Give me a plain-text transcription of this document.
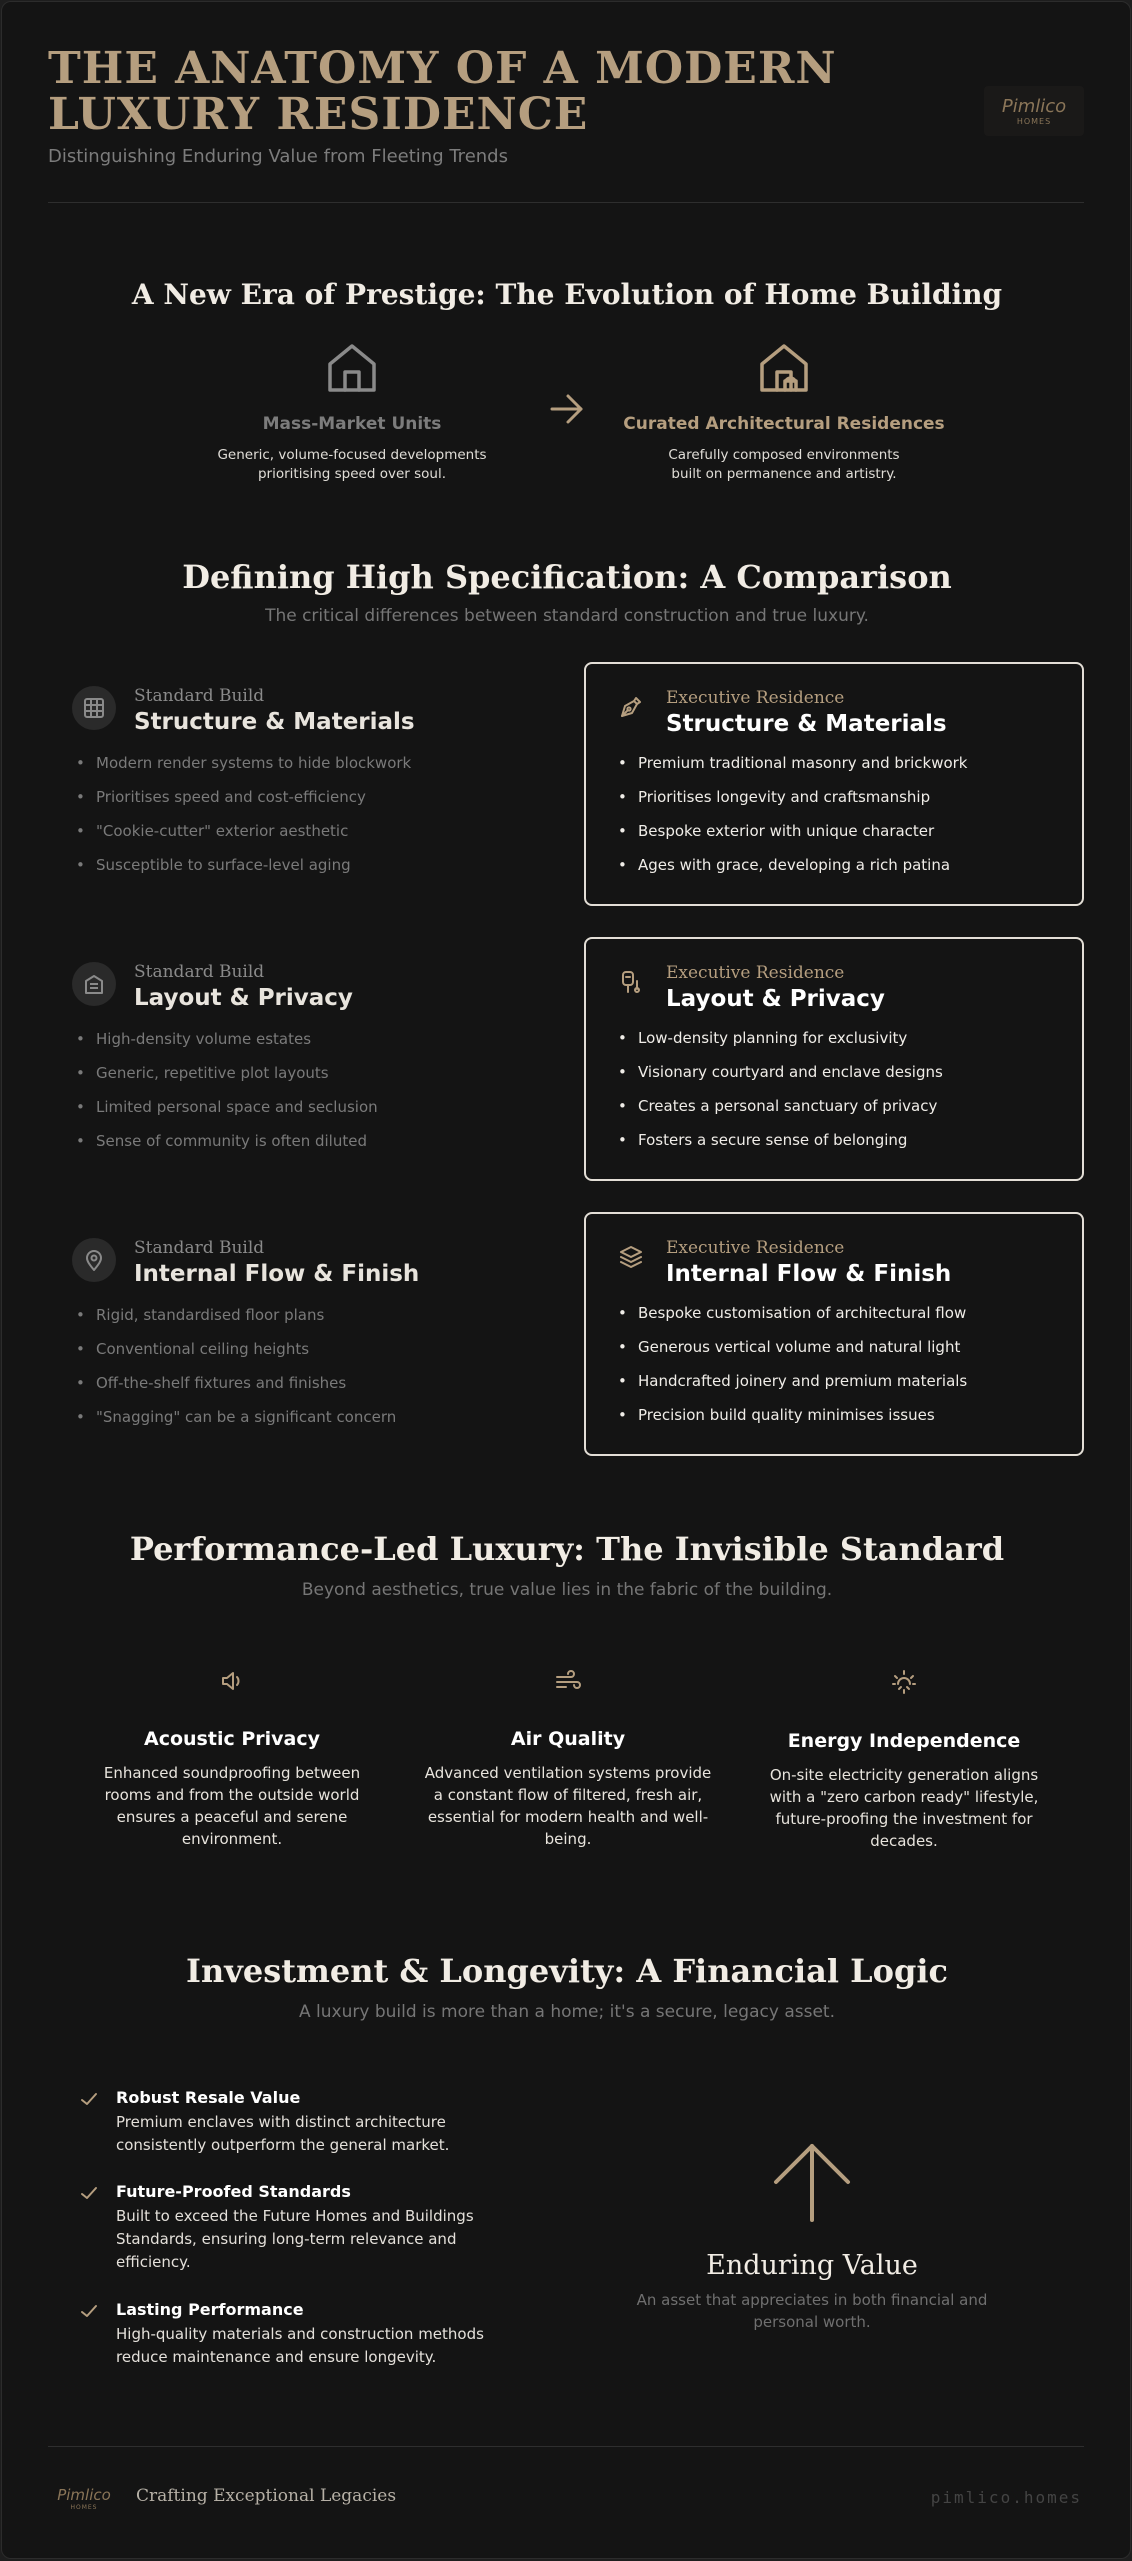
THE ANATOMY OF A MODERN LUXURY RESIDENCE
Distinguishing Enduring Value from Fleeting Trends
Pimlico
HOMES
A New Era of Prestige: The Evolution of Home Building
Mass-Market Units
Generic, volume-focused developments prioritising speed over soul.
Curated Architectural Residences
Carefully composed environments built on permanence and artistry.
Defining High Specification: A Comparison
The critical differences between standard construction and true luxury.
Standard Build
Structure & Materials
• Modern render systems to hide blockwork
• Prioritises speed and cost-efficiency
• "Cookie-cutter" exterior aesthetic
• Susceptible to surface-level aging
Executive Residence
Structure & Materials
• Premium traditional masonry and brickwork
• Prioritises longevity and craftsmanship
• Bespoke exterior with unique character
• Ages with grace, developing a rich patina
Standard Build
Layout & Privacy
• High-density volume estates
• Generic, repetitive plot layouts
• Limited personal space and seclusion
• Sense of community is often diluted
Executive Residence
Layout & Privacy
• Low-density planning for exclusivity
• Visionary courtyard and enclave designs
• Creates a personal sanctuary of privacy
• Fosters a secure sense of belonging
Standard Build
Internal Flow & Finish
• Rigid, standardised floor plans
• Conventional ceiling heights
• Off-the-shelf fixtures and finishes
• "Snagging" can be a significant concern
Executive Residence
Internal Flow & Finish
• Bespoke customisation of architectural flow
• Generous vertical volume and natural light
• Handcrafted joinery and premium materials
• Precision build quality minimises issues
Performance-Led Luxury: The Invisible Standard
Beyond aesthetics, true value lies in the fabric of the building.
Acoustic Privacy
Enhanced soundproofing between rooms and from the outside world ensures a peaceful and serene environment.
Air Quality
Advanced ventilation systems provide a constant flow of filtered, fresh air, essential for modern health and well-being.
Energy Independence
On-site electricity generation aligns with a "zero carbon ready" lifestyle, future-proofing the investment for decades.
Investment & Longevity: A Financial Logic
A luxury build is more than a home; it's a secure, legacy asset.
Robust Resale Value
Premium enclaves with distinct architecture consistently outperform the general market.
Future-Proofed Standards
Built to exceed the Future Homes and Buildings Standards, ensuring long-term relevance and efficiency.
Lasting Performance
High-quality materials and construction methods reduce maintenance and ensure longevity.
Enduring Value
An asset that appreciates in both financial and personal worth.
Pimlico
HOMES
Crafting Exceptional Legacies	pimlico.homes
